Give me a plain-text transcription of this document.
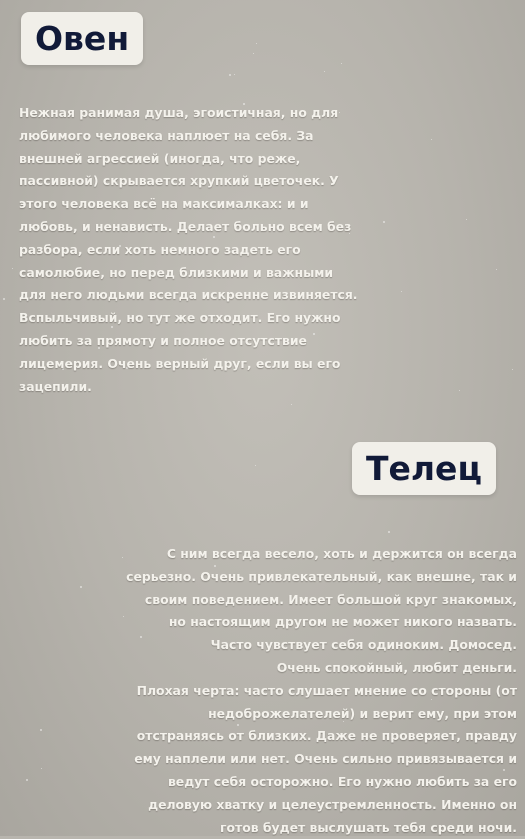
Овен

Нежная ранимая душа, эгоистичная, но для
любимого человека наплюет на себя. За
внешней агрессией (иногда, что реже,
пассивной) скрывается хрупкий цветочек. У
этого человека всё на максималках: и и
любовь, и ненависть. Делает больно всем без
разбора, если хоть немного задеть его
самолюбие, но перед близкими и важными
для него людьми всегда искренне извиняется.
Вспыльчивый, но тут же отходит. Его нужно
любить за прямоту и полное отсутствие
лицемерия. Очень верный друг, если вы его
зацепили.

Телец

С ним всегда весело, хоть и держится он всегда
серьезно. Очень привлекательный, как внешне, так и
своим поведением. Имеет большой круг знакомых,
но настоящим другом не может никого назвать.
Часто чувствует себя одиноким. Домосед.
Очень спокойный, любит деньги.
Плохая черта: часто слушает мнение со стороны (от
недоброжелателей) и верит ему, при этом
отстраняясь от близких. Даже не проверяет, правду
ему наплели или нет. Очень сильно привязывается и
ведут себя осторожно. Его нужно любить за его
деловую хватку и целеустремленность. Именно он
готов будет выслушать тебя среди ночи.
